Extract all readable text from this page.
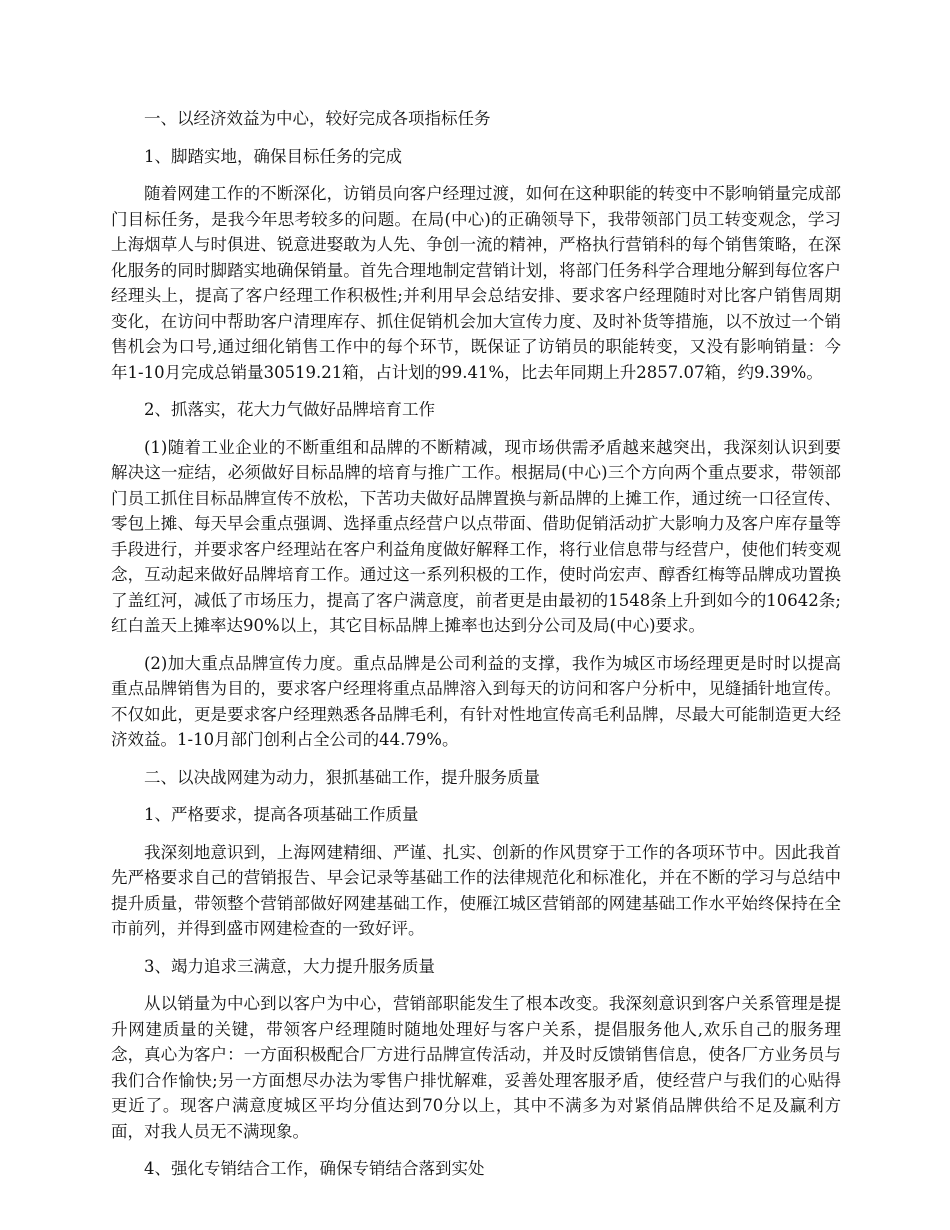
一、以经济效益为中心，较好完成各项指标任务

1、脚踏实地，确保目标任务的完成

随着网建工作的不断深化，访销员向客户经理过渡，如何在这种职能的转变中不影响销量完成部门目标任务，是我今年思考较多的问题。在局(中心)的正确领导下，我带领部门员工转变观念，学习上海烟草人与时俱进、锐意进娶敢为人先、争创一流的精神，严格执行营销科的每个销售策略，在深化服务的同时脚踏实地确保销量。首先合理地制定营销计划，将部门任务科学合理地分解到每位客户经理头上，提高了客户经理工作积极性;并利用早会总结安排、要求客户经理随时对比客户销售周期变化，在访问中帮助客户清理库存、抓住促销机会加大宣传力度、及时补货等措施，以不放过一个销售机会为口号,通过细化销售工作中的每个环节，既保证了访销员的职能转变，又没有影响销量：今年1-10月完成总销量30519.21箱，占计划的99.41%，比去年同期上升2857.07箱，约9.39%。

2、抓落实，花大力气做好品牌培育工作

(1)随着工业企业的不断重组和品牌的不断精减，现市场供需矛盾越来越突出，我深刻认识到要解决这一症结，必须做好目标品牌的培育与推广工作。根据局(中心)三个方向两个重点要求，带领部门员工抓住目标品牌宣传不放松，下苦功夫做好品牌置换与新品牌的上摊工作，通过统一口径宣传、零包上摊、每天早会重点强调、选择重点经营户以点带面、借助促销活动扩大影响力及客户库存量等手段进行，并要求客户经理站在客户利益角度做好解释工作，将行业信息带与经营户，使他们转变观念，互动起来做好品牌培育工作。通过这一系列积极的工作，使时尚宏声、醇香红梅等品牌成功置换了盖红河，减低了市场压力，提高了客户满意度，前者更是由最初的1548条上升到如今的10642条;红白盖天上摊率达90%以上，其它目标品牌上摊率也达到分公司及局(中心)要求。

(2)加大重点品牌宣传力度。重点品牌是公司利益的支撑，我作为城区市场经理更是时时以提高重点品牌销售为目的，要求客户经理将重点品牌溶入到每天的访问和客户分析中，见缝插针地宣传。不仅如此，更是要求客户经理熟悉各品牌毛利，有针对性地宣传高毛利品牌，尽最大可能制造更大经济效益。1-10月部门创利占全公司的44.79%。

二、以决战网建为动力，狠抓基础工作，提升服务质量

1、严格要求，提高各项基础工作质量

我深刻地意识到，上海网建精细、严谨、扎实、创新的作风贯穿于工作的各项环节中。因此我首先严格要求自己的营销报告、早会记录等基础工作的法律规范化和标准化，并在不断的学习与总结中提升质量，带领整个营销部做好网建基础工作，使雁江城区营销部的网建基础工作水平始终保持在全市前列，并得到盛市网建检查的一致好评。

3、竭力追求三满意，大力提升服务质量

从以销量为中心到以客户为中心，营销部职能发生了根本改变。我深刻意识到客户关系管理是提升网建质量的关键，带领客户经理随时随地处理好与客户关系，提倡服务他人,欢乐自己的服务理念，真心为客户：一方面积极配合厂方进行品牌宣传活动，并及时反馈销售信息，使各厂方业务员与我们合作愉快;另一方面想尽办法为零售户排忧解难，妥善处理客服矛盾，使经营户与我们的心贴得更近了。现客户满意度城区平均分值达到70分以上，其中不满多为对紧俏品牌供给不足及赢利方面，对我人员无不满现象。

4、强化专销结合工作，确保专销结合落到实处
